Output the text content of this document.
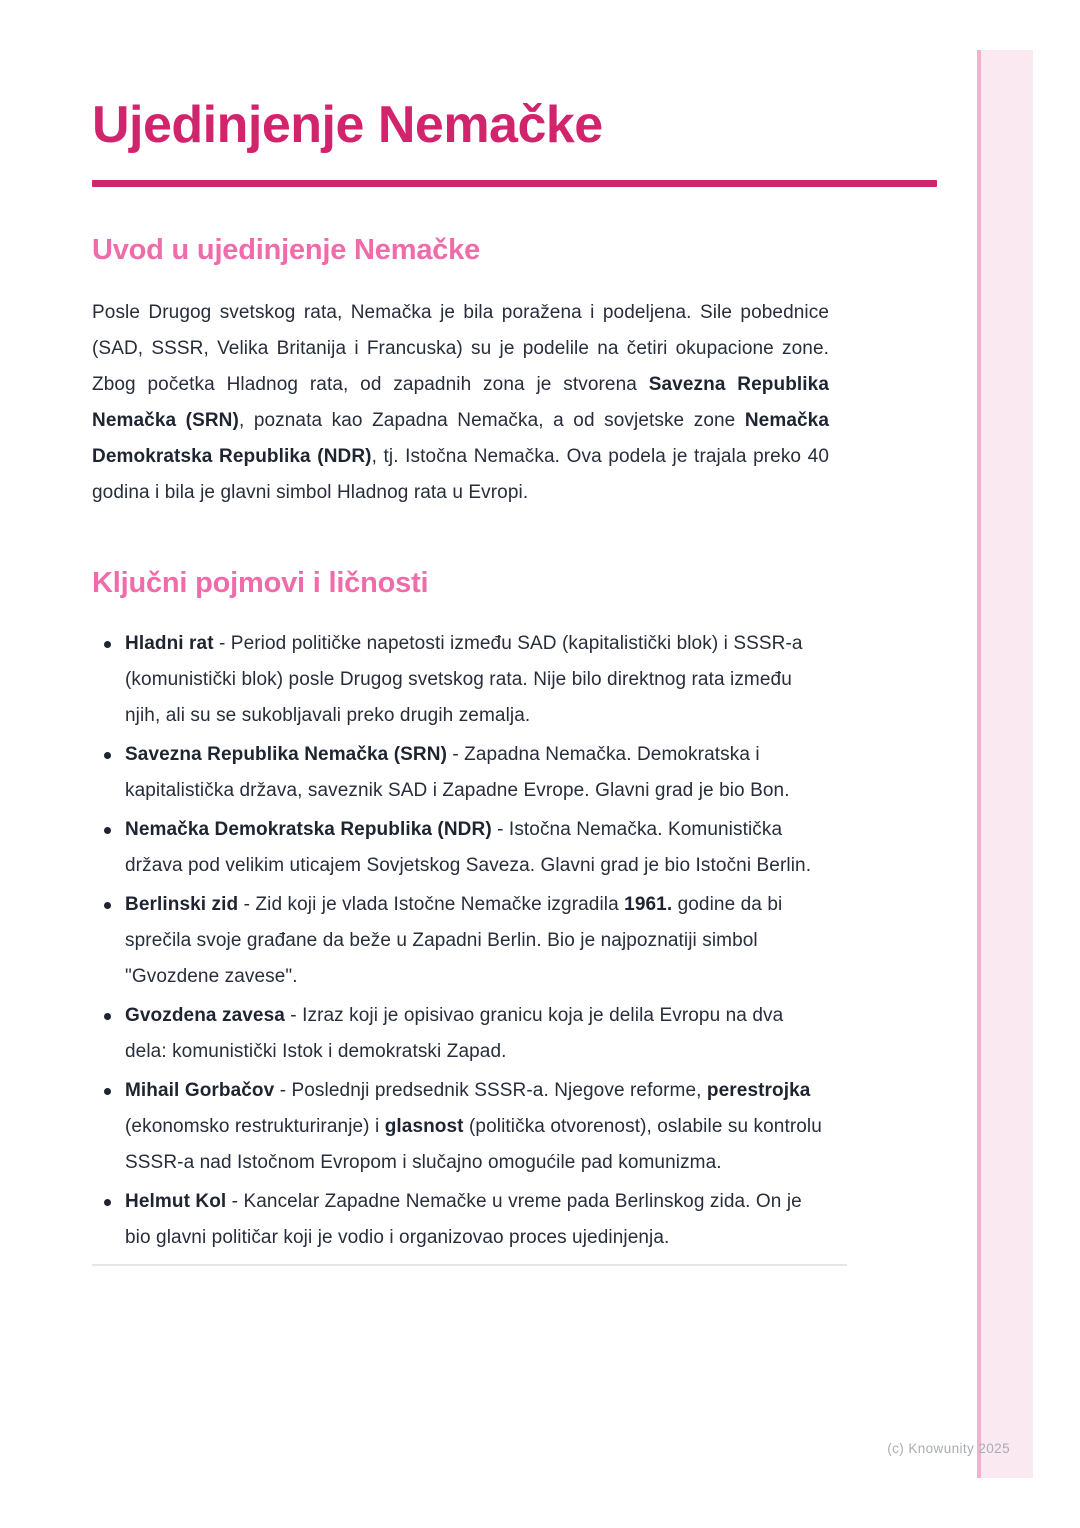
Ujedinjenje Nemačke
Uvod u ujedinjenje Nemačke

Posle Drugog svetskog rata, Nemačka je bila poražena i podeljena. Sile pobednice (SAD, SSSR, Velika Britanija i Francuska) su je podelile na četiri okupacione zone. Zbog početka Hladnog rata, od zapadnih zona je stvorena Savezna Republika Nemačka (SRN), poznata kao Zapadna Nemačka, a od sovjetske zone Nemačka Demokratska Republika (NDR), tj. Istočna Nemačka. Ova podela je trajala preko 40 godina i bila je glavni simbol Hladnog rata u Evropi.

Ključni pojmovi i ličnosti
Hladni rat - Period političke napetosti između SAD (kapitalistički blok) i SSSR-a (komunistički blok) posle Drugog svetskog rata. Nije bilo direktnog rata između njih, ali su se sukobljavali preko drugih zemalja.
Savezna Republika Nemačka (SRN) - Zapadna Nemačka. Demokratska i kapitalistička država, saveznik SAD i Zapadne Evrope. Glavni grad je bio Bon.
Nemačka Demokratska Republika (NDR) - Istočna Nemačka. Komunistička država pod velikim uticajem Sovjetskog Saveza. Glavni grad je bio Istočni Berlin.
Berlinski zid - Zid koji je vlada Istočne Nemačke izgradila 1961. godine da bi sprečila svoje građane da beže u Zapadni Berlin. Bio je najpoznatiji simbol "Gvozdene zavese".
Gvozdena zavesa - Izraz koji je opisivao granicu koja je delila Evropu na dva dela: komunistički Istok i demokratski Zapad.
Mihail Gorbačov - Poslednji predsednik SSSR-a. Njegove reforme, perestrojka (ekonomsko restrukturiranje) i glasnost (politička otvorenost), oslabile su kontrolu SSSR-a nad Istočnom Evropom i slučajno omogućile pad komunizma.
Helmut Kol - Kancelar Zapadne Nemačke u vreme pada Berlinskog zida. On je bio glavni političar koji je vodio i organizovao proces ujedinjenja.
(c) Knowunity 2025
